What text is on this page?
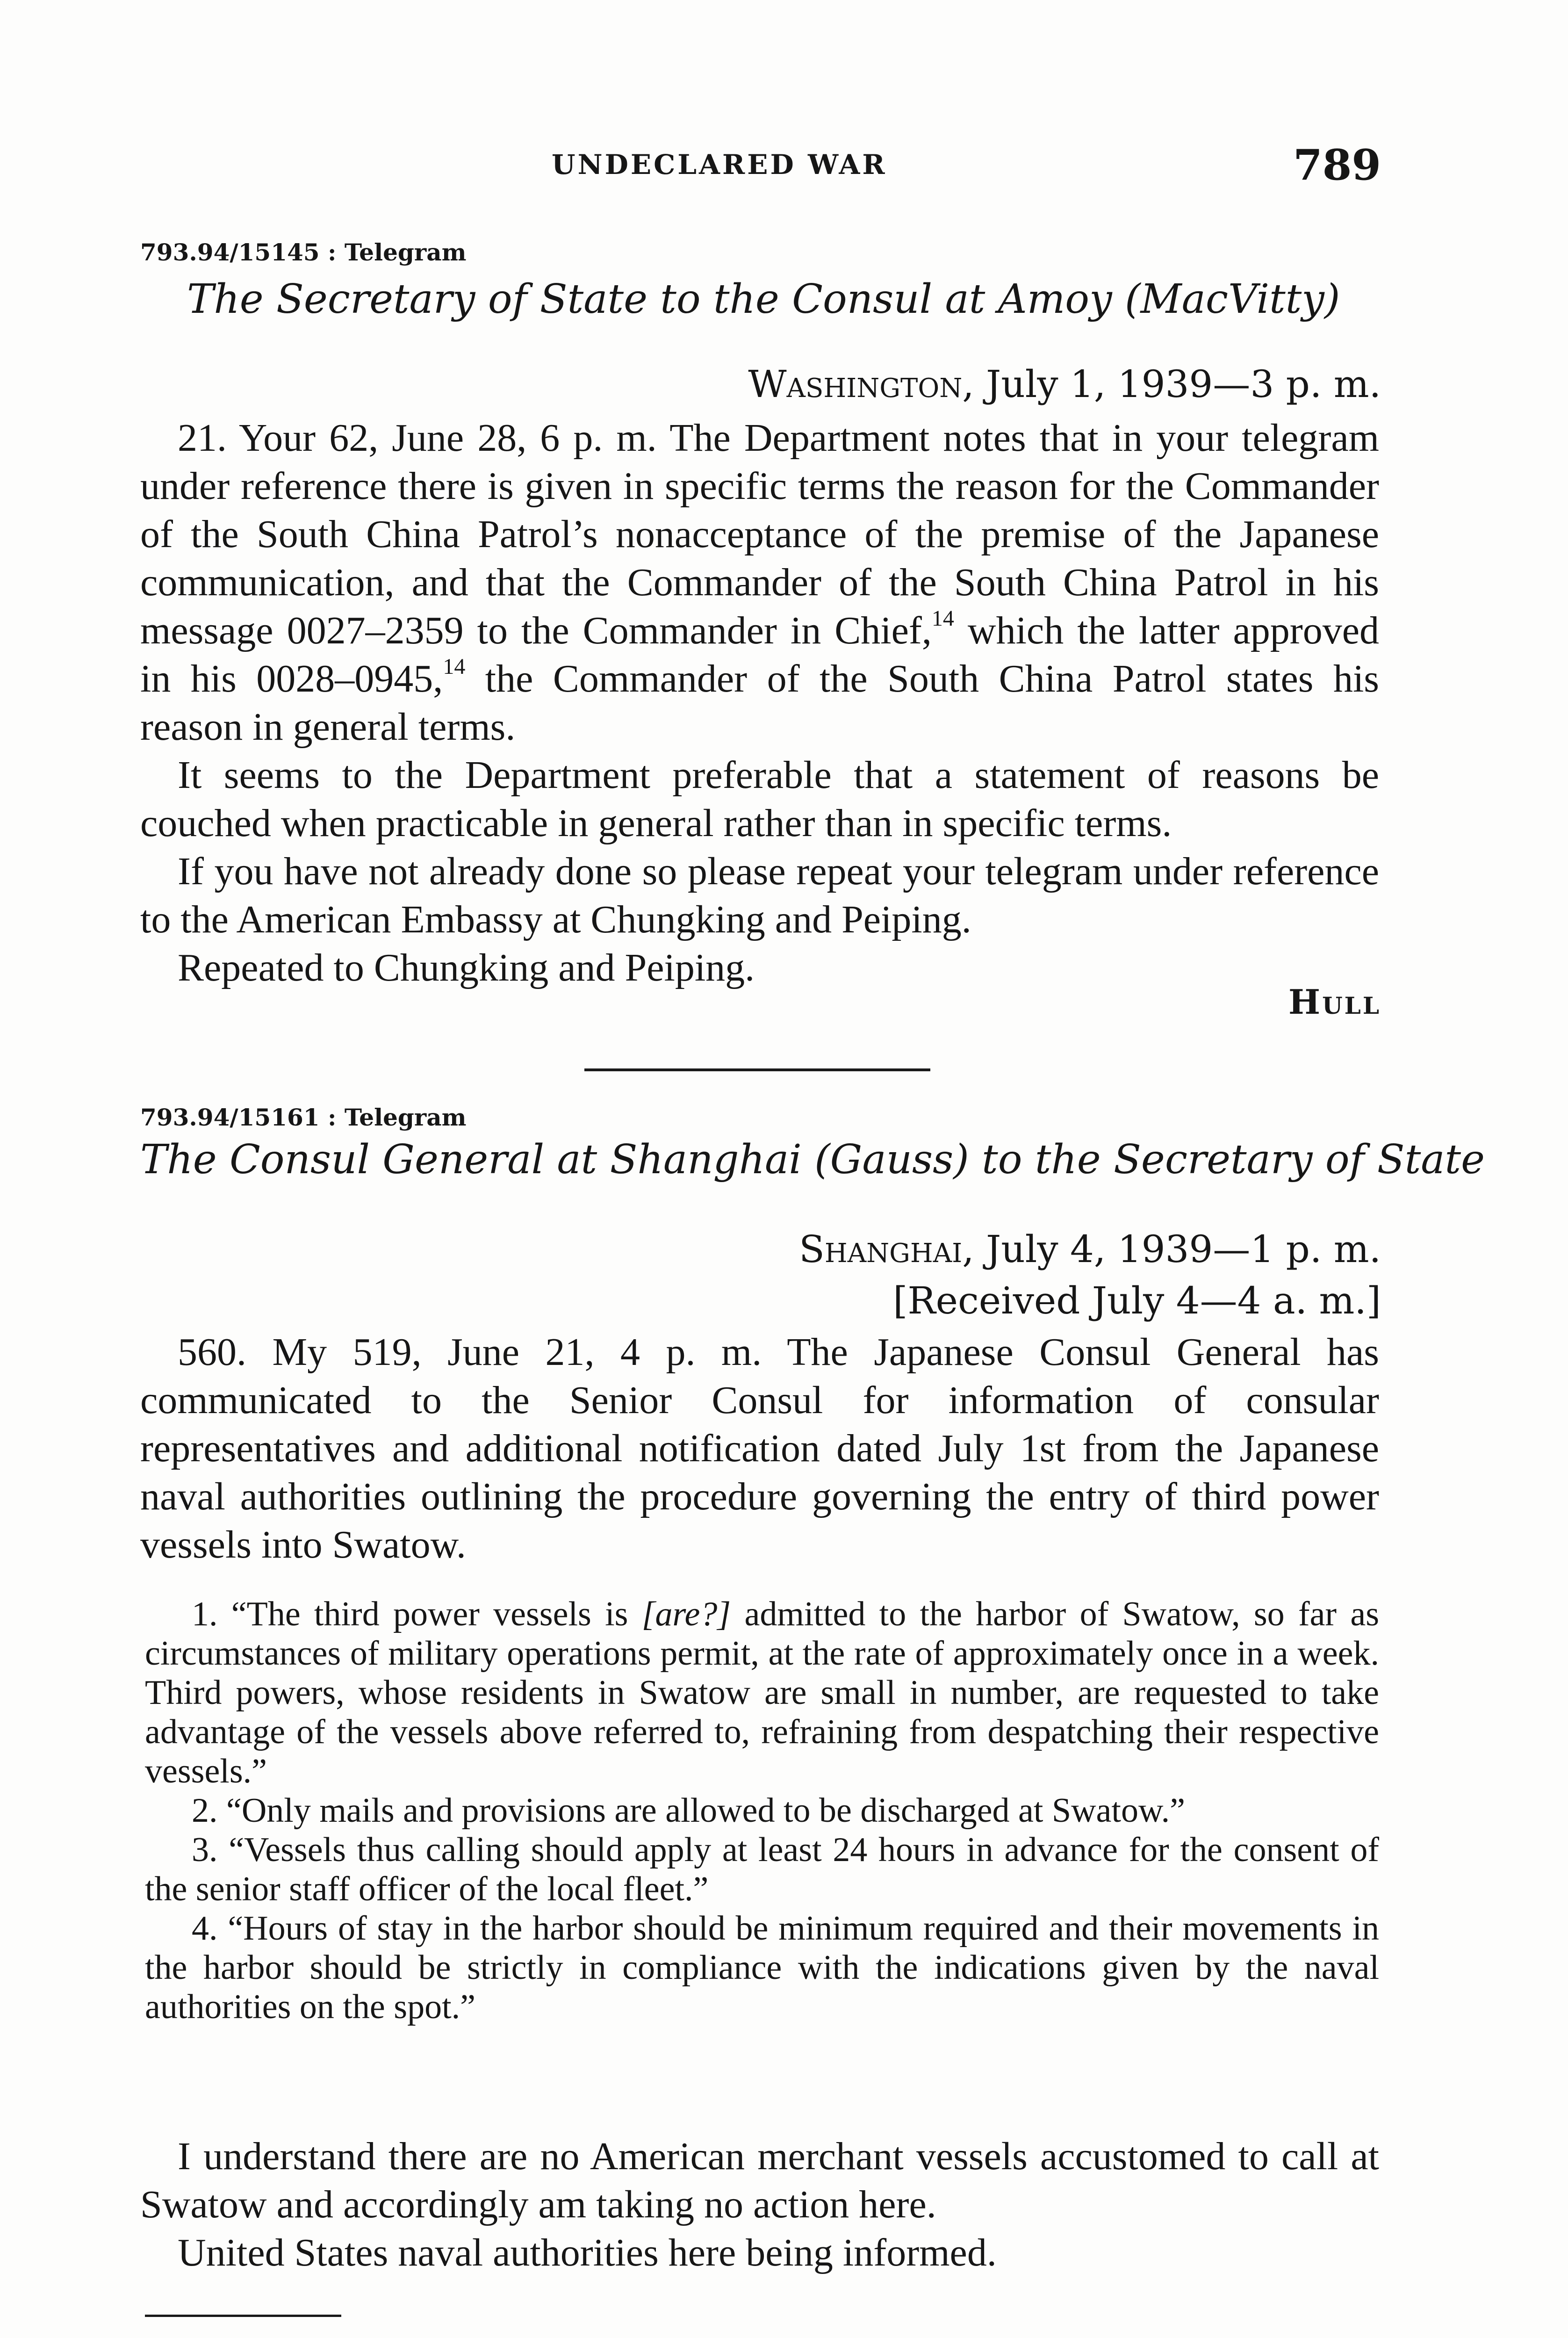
UNDECLARED WAR	789
793.94/15145 : Telegram
The Secretary of State to the Consul at Amoy (MacVitty)
Washington, July 1, 1939—3 p. m.

21. Your 62, June 28, 6 p. m. The Department notes that in your telegram under reference there is given in specific terms the reason for the Commander of the South China Patrol’s nonacceptance of the premise of the Japanese communication, and that the Commander of the South China Patrol in his message 0027–2359 to the Commander in Chief,$^{14}$ which the latter approved in his 0028–0945,14 the Commander of the South China Patrol states his reason in general terms.

It seems to the Department preferable that a statement of reasons be couched when practicable in general rather than in specific terms.

If you have not already done so please repeat your telegram under reference to the American Embassy at Chungking and Peiping.

Repeated to Chungking and Peiping.

Hull
793.94/15161 : Telegram
The Consul General at Shanghai (Gauss) to the Secretary of State
Shanghai, July 4, 1939—1 p. m.
[Received July 4—4 a. m.]

560. My 519, June 21, 4 p. m. The Japanese Consul General has communicated to the Senior Consul for information of consular representatives and additional notification dated July 1st from the Japanese naval authorities outlining the procedure governing the entry of third power vessels into Swatow.

1. “The third power vessels is [are?] admitted to the harbor of Swatow, so far as circumstances of military operations permit, at the rate of approximately once in a week. Third powers, whose residents in Swatow are small in number, are requested to take advantage of the vessels above referred to, refraining from despatching their respective vessels.”

2. “Only mails and provisions are allowed to be discharged at Swatow.”

3. “Vessels thus calling should apply at least 24 hours in advance for the consent of the senior staff officer of the local fleet.”

4. “Hours of stay in the harbor should be minimum required and their movements in the harbor should be strictly in compliance with the indications given by the naval authorities on the spot.”

I understand there are no American merchant vessels accustomed to call at Swatow and accordingly am taking no action here.

United States naval authorities here being informed.
